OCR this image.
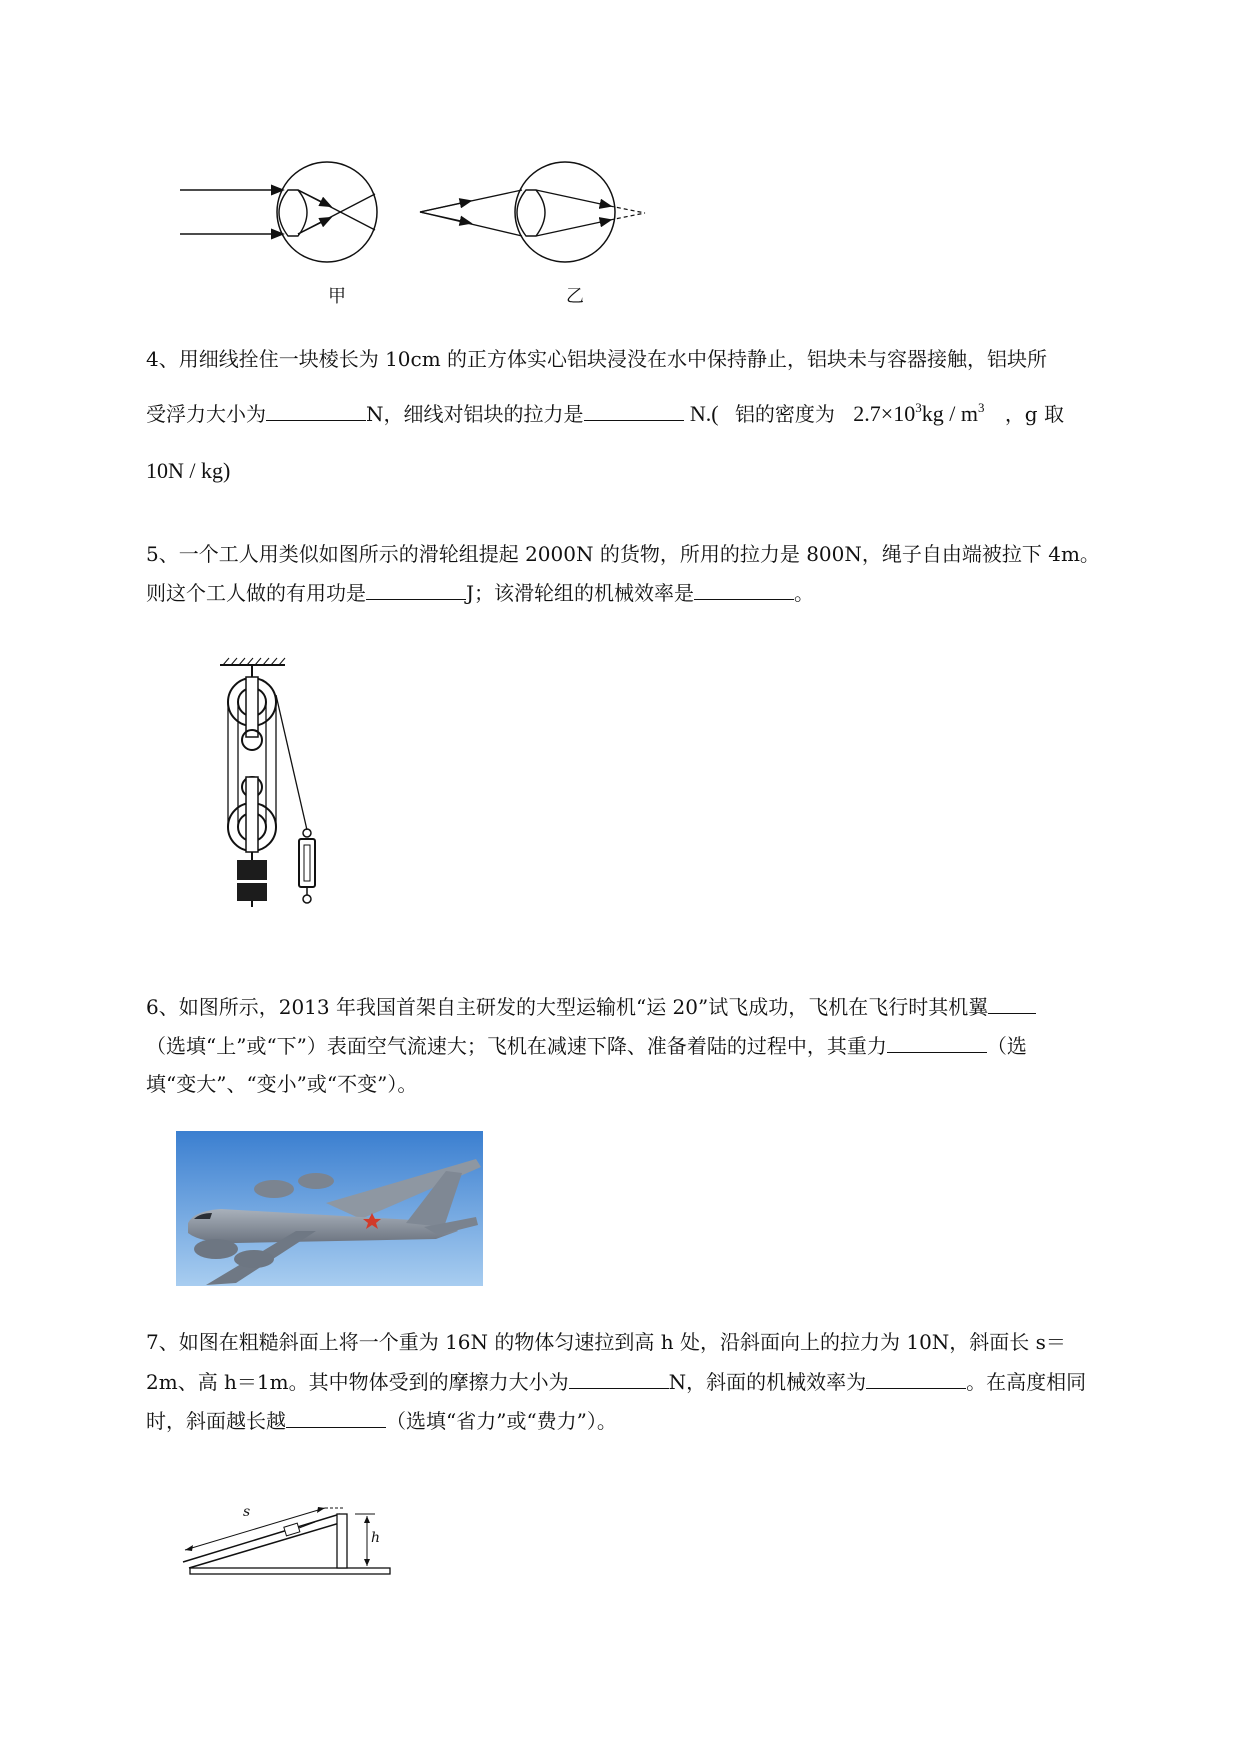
甲	乙
4、用细线拴住一块棱长为 10cm 的正方体实心铝块浸没在水中保持静止，铝块未与容器接触，铝块所
受浮力大小为	N，细线对铝块的拉力是	N.( 铝的密度为 $2.7\times 10^3kg / m^3$ ，g 取
10N / kg)
5、一个工人用类似如图所示的滑轮组提起 2000N 的货物，所用的拉力是 800N，绳子自由端被拉下 4m。
则这个工人做的有用功是	J；该滑轮组的机械效率是	。
6、如图所示，2013 年我国首架自主研发的大型运输机“运 20”试飞成功，飞机在飞行时其机翼
（选填“上”或“下”）表面空气流速大；飞机在减速下降、准备着陆的过程中，其重力	（选
填“变大”、“变小”或“不变”）。
7、如图在粗糙斜面上将一个重为 16N 的物体匀速拉到高 h 处，沿斜面向上的拉力为 10N，斜面长 s＝
2m、高 h＝1m。其中物体受到的摩擦力大小为	N，斜面的机械效率为	。在高度相同
时，斜面越长越	（选填“省力”或“费力”）。
s
h
